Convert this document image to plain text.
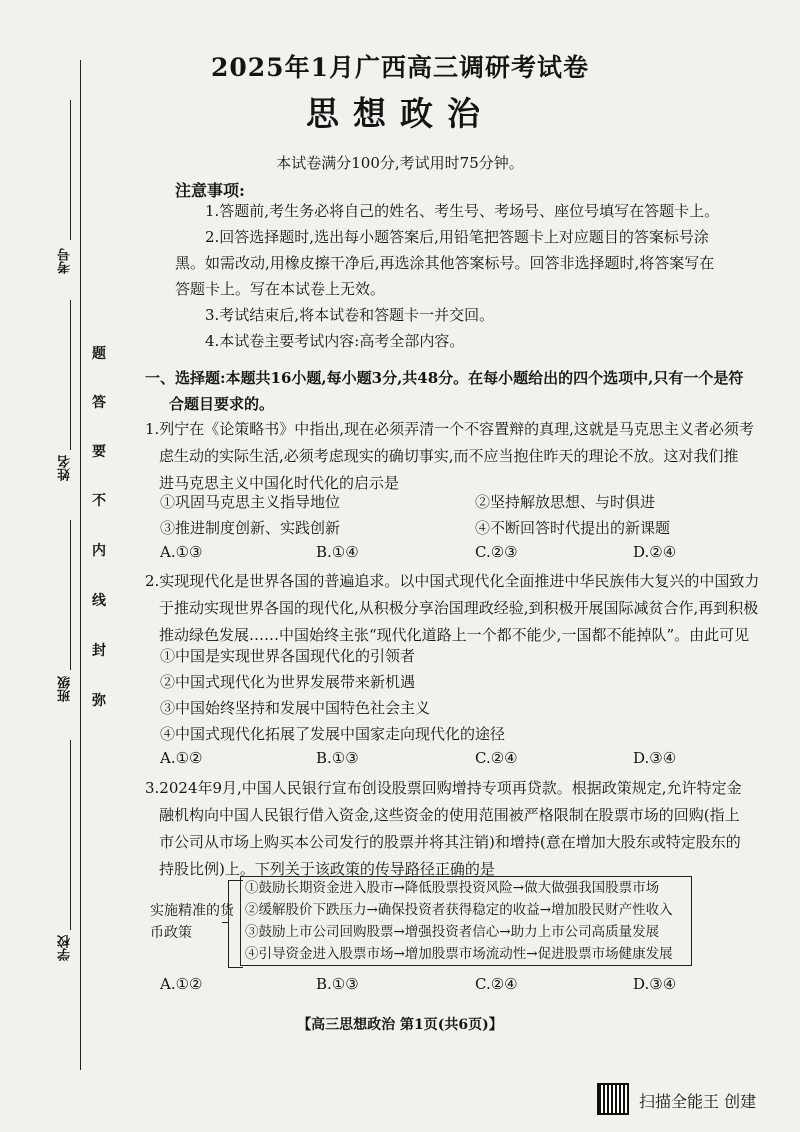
考号
姓名
班级
学校
题
答
要
不
内
线
封
弥
2025年1月广西高三调研考试卷
思想政治
本试卷满分100分,考试用时75分钟。
注意事项:
1.答题前,考生务必将自己的姓名、考生号、考场号、座位号填写在答题卡上。
2.回答选择题时,选出每小题答案后,用铅笔把答题卡上对应题目的答案标号涂
黑。如需改动,用橡皮擦干净后,再选涂其他答案标号。回答非选择题时,将答案写在
答题卡上。写在本试卷上无效。
3.考试结束后,将本试卷和答题卡一并交回。
4.本试卷主要考试内容:高考全部内容。
一、选择题:本题共16小题,每小题3分,共48分。在每小题给出的四个选项中,只有一个是符
合题目要求的。
1.列宁在《论策略书》中指出,现在必须弄清一个不容置辩的真理,这就是马克思主义者必须考
虑生动的实际生活,必须考虑现实的确切事实,而不应当抱住昨天的理论不放。这对我们推
进马克思主义中国化时代化的启示是
①巩固马克思主义指导地位	②坚持解放思想、与时俱进
③推进制度创新、实践创新	④不断回答时代提出的新课题
A.①③	B.①④	C.②③	D.②④
2.实现现代化是世界各国的普遍追求。以中国式现代化全面推进中华民族伟大复兴的中国致力
于推动实现世界各国的现代化,从积极分享治国理政经验,到积极开展国际减贫合作,再到积极
推动绿色发展……中国始终主张“现代化道路上一个都不能少,一国都不能掉队”。由此可见
①中国是实现世界各国现代化的引领者
②中国式现代化为世界发展带来新机遇
③中国始终坚持和发展中国特色社会主义
④中国式现代化拓展了发展中国家走向现代化的途径
A.①②	B.①③	C.②④	D.③④
3.2024年9月,中国人民银行宣布创设股票回购增持专项再贷款。根据政策规定,允许特定金
融机构向中国人民银行借入资金,这些资金的使用范围被严格限制在股票市场的回购(指上
市公司从市场上购买本公司发行的股票并将其注销)和增持(意在增加大股东或特定股东的
持股比例)上。下列关于该政策的传导路径正确的是
实施精准的货币政策
①鼓励长期资金进入股市→降低股票投资风险→做大做强我国股票市场
②缓解股价下跌压力→确保投资者获得稳定的收益→增加股民财产性收入
③鼓励上市公司回购股票→增强投资者信心→助力上市公司高质量发展
④引导资金进入股票市场→增加股票市场流动性→促进股票市场健康发展
A.①②	B.①③	C.②④	D.③④
【高三思想政治 第1页(共6页)】
扫描全能王 创建
